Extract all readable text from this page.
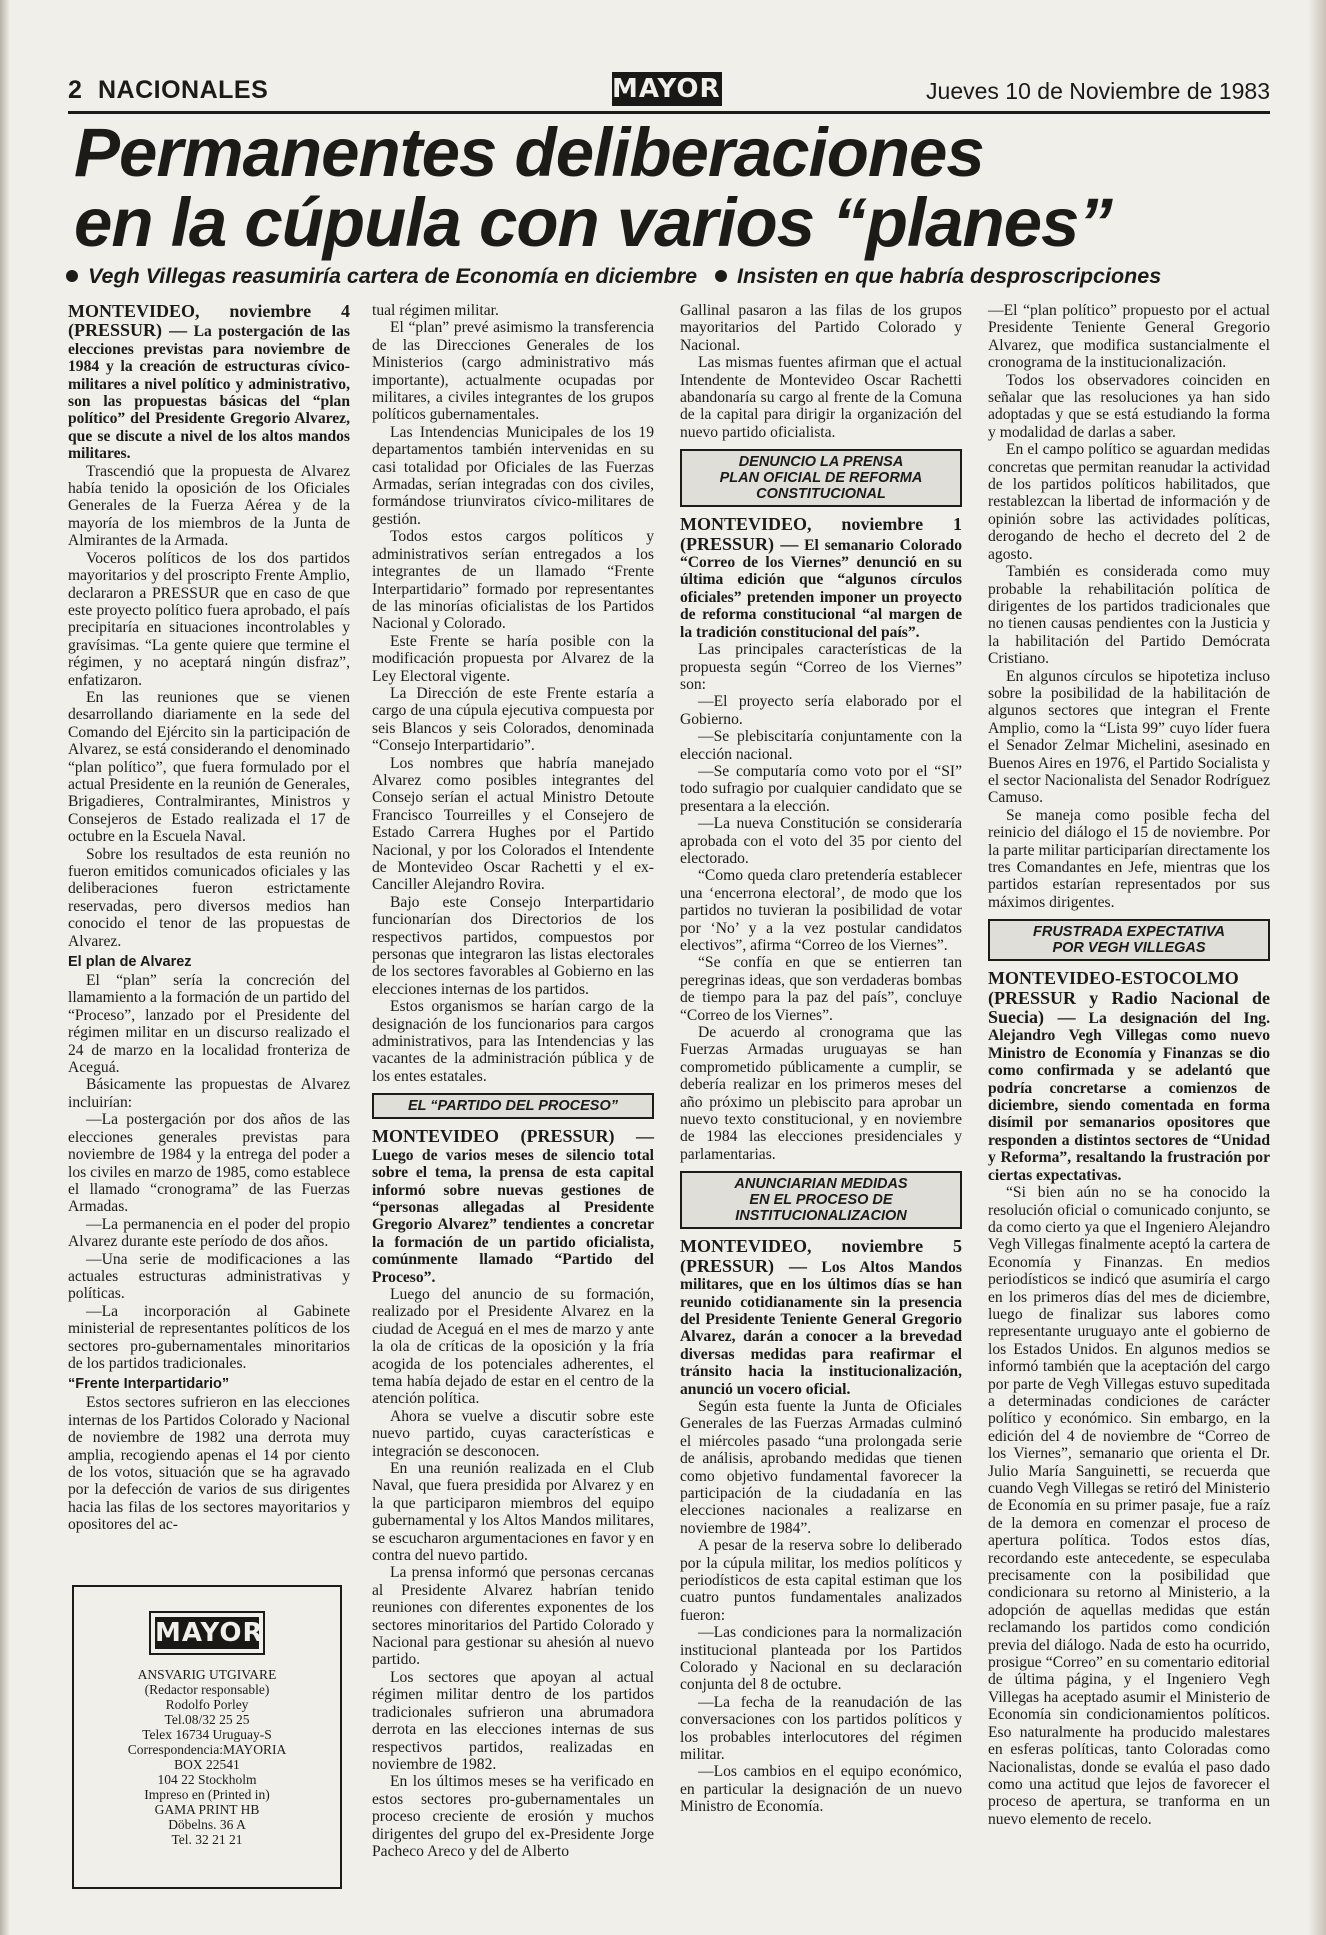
2 NACIONALES	MAYORIA	Jueves 10 de Noviembre de 1983
Permanentes deliberaciones
en la cúpula con varios “planes”
Vegh Villegas reasumiría cartera de Economía en diciembre Insisten en que habría desproscripciones

MONTEVIDEO, noviembre 4 (PRESSUR) — La postergación de las elecciones previstas para noviembre de 1984 y la creación de estructuras cívico-militares a nivel político y administrativo, son las propuestas básicas del “plan político” del Presidente Gregorio Alvarez, que se discute a nivel de los altos mandos militares.

Trascendió que la propuesta de Alvarez había tenido la oposición de los Oficiales Generales de la Fuerza Aérea y de la mayoría de los miembros de la Junta de Almirantes de la Armada.

Voceros políticos de los dos partidos mayoritarios y del proscripto Frente Amplio, declararon a PRESSUR que en caso de que este proyecto político fuera aprobado, el país precipitaría en situaciones incontrolables y gravísimas. “La gente quiere que termine el régimen, y no aceptará ningún disfraz”, enfatizaron.

En las reuniones que se vienen desarrollando diariamente en la sede del Comando del Ejército sin la participación de Alvarez, se está considerando el denominado “plan político”, que fuera formulado por el actual Presidente en la reunión de Generales, Brigadieres, Contralmirantes, Ministros y Consejeros de Estado realizada el 17 de octubre en la Escuela Naval.

Sobre los resultados de esta reunión no fueron emitidos comunicados oficiales y las deliberaciones fueron estrictamente reservadas, pero diversos medios han conocido el tenor de las propuestas de Alvarez.

El plan de Alvarez

El “plan” sería la concreción del llamamiento a la formación de un partido del “Proceso”, lanzado por el Presidente del régimen militar en un discurso realizado el 24 de marzo en la localidad fronteriza de Aceguá.

Básicamente las propuestas de Alvarez incluirían:

—La postergación por dos años de las elecciones generales previstas para noviembre de 1984 y la entrega del poder a los civiles en marzo de 1985, como establece el llamado “cronograma” de las Fuerzas Armadas.

—La permanencia en el poder del propio Alvarez durante este período de dos años.

—Una serie de modificaciones a las actuales estructuras administrativas y políticas.

—La incorporación al Gabinete ministerial de representantes políticos de los sectores pro-gubernamentales minoritarios de los partidos tradicionales.

“Frente Interpartidario”

Estos sectores sufrieron en las elecciones internas de los Partidos Colorado y Nacional de noviembre de 1982 una derrota muy amplia, recogiendo apenas el 14 por ciento de los votos, situación que se ha agravado por la defección de varios de sus dirigentes hacia las filas de los sectores mayoritarios y opositores del ac-

MAYORIA
ANSVARIG UTGIVARE
(Redactor responsable)
Rodolfo Porley
Tel.08/32 25 25
Telex 16734 Uruguay-S
Correspondencia:MAYORIA
BOX 22541
104 22 Stockholm
Impreso en (Printed in)
GAMA PRINT HB
Döbelns. 36 A
Tel. 32 21 21

tual régimen militar.

El “plan” prevé asimismo la transferencia de las Direcciones Generales de los Ministerios (cargo administrativo más importante), actualmente ocupadas por militares, a civiles integrantes de los grupos políticos gubernamentales.

Las Intendencias Municipales de los 19 departamentos también intervenidas en su casi totalidad por Oficiales de las Fuerzas Armadas, serían integradas con dos civiles, formándose triunviratos cívico-militares de gestión.

Todos estos cargos políticos y administrativos serían entregados a los integrantes de un llamado “Frente Interpartidario” formado por representantes de las minorías oficialistas de los Partidos Nacional y Colorado.

Este Frente se haría posible con la modificación propuesta por Alvarez de la Ley Electoral vigente.

La Dirección de este Frente estaría a cargo de una cúpula ejecutiva compuesta por seis Blancos y seis Colorados, denominada “Consejo Interpartidario”.

Los nombres que habría manejado Alvarez como posibles integrantes del Consejo serían el actual Ministro Detoute Francisco Tourreilles y el Consejero de Estado Carrera Hughes por el Partido Nacional, y por los Colorados el Intendente de Montevideo Oscar Rachetti y el ex-Canciller Alejandro Rovira.

Bajo este Consejo Interpartidario funcionarían dos Directorios de los respectivos partidos, compuestos por personas que integraron las listas electorales de los sectores favorables al Gobierno en las elecciones internas de los partidos.

Estos organismos se harían cargo de la designación de los funcionarios para cargos administrativos, para las Intendencias y las vacantes de la administración pública y de los entes estatales.

EL “PARTIDO DEL PROCESO”

MONTEVIDEO (PRESSUR) — Luego de varios meses de silencio total sobre el tema, la prensa de esta capital informó sobre nuevas gestiones de “personas allegadas al Presidente Gregorio Alvarez” tendientes a concretar la formación de un partido oficialista, comúnmente llamado “Partido del Proceso”.

Luego del anuncio de su formación, realizado por el Presidente Alvarez en la ciudad de Aceguá en el mes de marzo y ante la ola de críticas de la oposición y la fría acogida de los potenciales adherentes, el tema había dejado de estar en el centro de la atención política.

Ahora se vuelve a discutir sobre este nuevo partido, cuyas características e integración se desconocen.

En una reunión realizada en el Club Naval, que fuera presidida por Alvarez y en la que participaron miembros del equipo gubernamental y los Altos Mandos militares, se escucharon argumentaciones en favor y en contra del nuevo partido.

La prensa informó que personas cercanas al Presidente Alvarez habrían tenido reuniones con diferentes exponentes de los sectores minoritarios del Partido Colorado y Nacional para gestionar su ahesión al nuevo partido.

Los sectores que apoyan al actual régimen militar dentro de los partidos tradicionales sufrieron una abrumadora derrota en las elecciones internas de sus respectivos partidos, realizadas en noviembre de 1982.

En los últimos meses se ha verificado en estos sectores pro-gubernamentales un proceso creciente de erosión y muchos dirigentes del grupo del ex-Presidente Jorge Pacheco Areco y del de Alberto

Gallinal pasaron a las filas de los grupos mayoritarios del Partido Colorado y Nacional.

Las mismas fuentes afirman que el actual Intendente de Montevideo Oscar Rachetti abandonaría su cargo al frente de la Comuna de la capital para dirigir la organización del nuevo partido oficialista.

DENUNCIO LA PRENSA
PLAN OFICIAL DE REFORMA
CONSTITUCIONAL

MONTEVIDEO, noviembre 1 (PRESSUR) — El semanario Colorado “Correo de los Viernes” denunció en su última edición que “algunos círculos oficiales” pretenden imponer un proyecto de reforma constitucional “al margen de la tradición constitucional del país”.

Las principales características de la propuesta según “Correo de los Viernes” son:

—El proyecto sería elaborado por el Gobierno.

—Se plebiscitaría conjuntamente con la elección nacional.

—Se computaría como voto por el “SI” todo sufragio por cualquier candidato que se presentara a la elección.

—La nueva Constitución se consideraría aprobada con el voto del 35 por ciento del electorado.

“Como queda claro pretendería establecer una ‘encerrona electoral’, de modo que los partidos no tuvieran la posibilidad de votar por ‘No’ y a la vez postular candidatos electivos”, afirma “Correo de los Viernes”.

“Se confía en que se entierren tan peregrinas ideas, que son verdaderas bombas de tiempo para la paz del país”, concluye “Correo de los Viernes”.

De acuerdo al cronograma que las Fuerzas Armadas uruguayas se han comprometido públicamente a cumplir, se debería realizar en los primeros meses del año próximo un plebiscito para aprobar un nuevo texto constitucional, y en noviembre de 1984 las elecciones presidenciales y parlamentarias.

ANUNCIARIAN MEDIDAS
EN EL PROCESO DE
INSTITUCIONALIZACION

MONTEVIDEO, noviembre 5 (PRESSUR) — Los Altos Mandos militares, que en los últimos días se han reunido cotidianamente sin la presencia del Presidente Teniente General Gregorio Alvarez, darán a conocer a la brevedad diversas medidas para reafirmar el tránsito hacia la institucionalización, anunció un vocero oficial.

Según esta fuente la Junta de Oficiales Generales de las Fuerzas Armadas culminó el miércoles pasado “una prolongada serie de análisis, aprobando medidas que tienen como objetivo fundamental favorecer la participación de la ciudadanía en las elecciones nacionales a realizarse en noviembre de 1984”.

A pesar de la reserva sobre lo deliberado por la cúpula militar, los medios políticos y periodísticos de esta capital estiman que los cuatro puntos fundamentales analizados fueron:

—Las condiciones para la normalización institucional planteada por los Partidos Colorado y Nacional en su declaración conjunta del 8 de octubre.

—La fecha de la reanudación de las conversaciones con los partidos políticos y los probables interlocutores del régimen militar.

—Los cambios en el equipo económico, en particular la designación de un nuevo Ministro de Economía.

—El “plan político” propuesto por el actual Presidente Teniente General Gregorio Alvarez, que modifica sustancialmente el cronograma de la institucionalización.

Todos los observadores coinciden en señalar que las resoluciones ya han sido adoptadas y que se está estudiando la forma y modalidad de darlas a saber.

En el campo político se aguardan medidas concretas que permitan reanudar la actividad de los partidos políticos habilitados, que restablezcan la libertad de información y de opinión sobre las actividades políticas, derogando de hecho el decreto del 2 de agosto.

También es considerada como muy probable la rehabilitación política de dirigentes de los partidos tradicionales que no tienen causas pendientes con la Justicia y la habilitación del Partido Demócrata Cristiano.

En algunos círculos se hipotetiza incluso sobre la posibilidad de la habilitación de algunos sectores que integran el Frente Amplio, como la “Lista 99” cuyo líder fuera el Senador Zelmar Michelini, asesinado en Buenos Aires en 1976, el Partido Socialista y el sector Nacionalista del Senador Rodríguez Camuso.

Se maneja como posible fecha del reinicio del diálogo el 15 de noviembre. Por la parte militar participarían directamente los tres Comandantes en Jefe, mientras que los partidos estarían representados por sus máximos dirigentes.

FRUSTRADA EXPECTATIVA
POR VEGH VILLEGAS

MONTEVIDEO-ESTOCOLMO (PRESSUR y Radio Nacional de Suecia) — La designación del Ing. Alejandro Vegh Villegas como nuevo Ministro de Economía y Finanzas se dio como confirmada y se adelantó que podría concretarse a comienzos de diciembre, siendo comentada en forma disímil por semanarios opositores que responden a distintos sectores de “Unidad y Reforma”, resaltando la frustración por ciertas expectativas.

“Si bien aún no se ha conocido la resolución oficial o comunicado conjunto, se da como cierto ya que el Ingeniero Alejandro Vegh Villegas finalmente aceptó la cartera de Economía y Finanzas. En medios periodísticos se indicó que asumiría el cargo en los primeros días del mes de diciembre, luego de finalizar sus labores como representante uruguayo ante el gobierno de los Estados Unidos. En algunos medios se informó también que la aceptación del cargo por parte de Vegh Villegas estuvo supeditada a determinadas condiciones de carácter político y económico. Sin embargo, en la edición del 4 de noviembre de “Correo de los Viernes”, semanario que orienta el Dr. Julio María Sanguinetti, se recuerda que cuando Vegh Villegas se retiró del Ministerio de Economía en su primer pasaje, fue a raíz de la demora en comenzar el proceso de apertura política. Todos estos días, recordando este antecedente, se especulaba precisamente con la posibilidad que condicionara su retorno al Ministerio, a la adopción de aquellas medidas que están reclamando los partidos como condición previa del diálogo. Nada de esto ha ocurrido, prosigue “Correo” en su comentario editorial de última página, y el Ingeniero Vegh Villegas ha aceptado asumir el Ministerio de Economía sin condicionamientos políticos. Eso naturalmente ha producido malestares en esferas políticas, tanto Coloradas como Nacionalistas, donde se evalúa el paso dado como una actitud que lejos de favorecer el proceso de apertura, se tranforma en un nuevo elemento de recelo.
